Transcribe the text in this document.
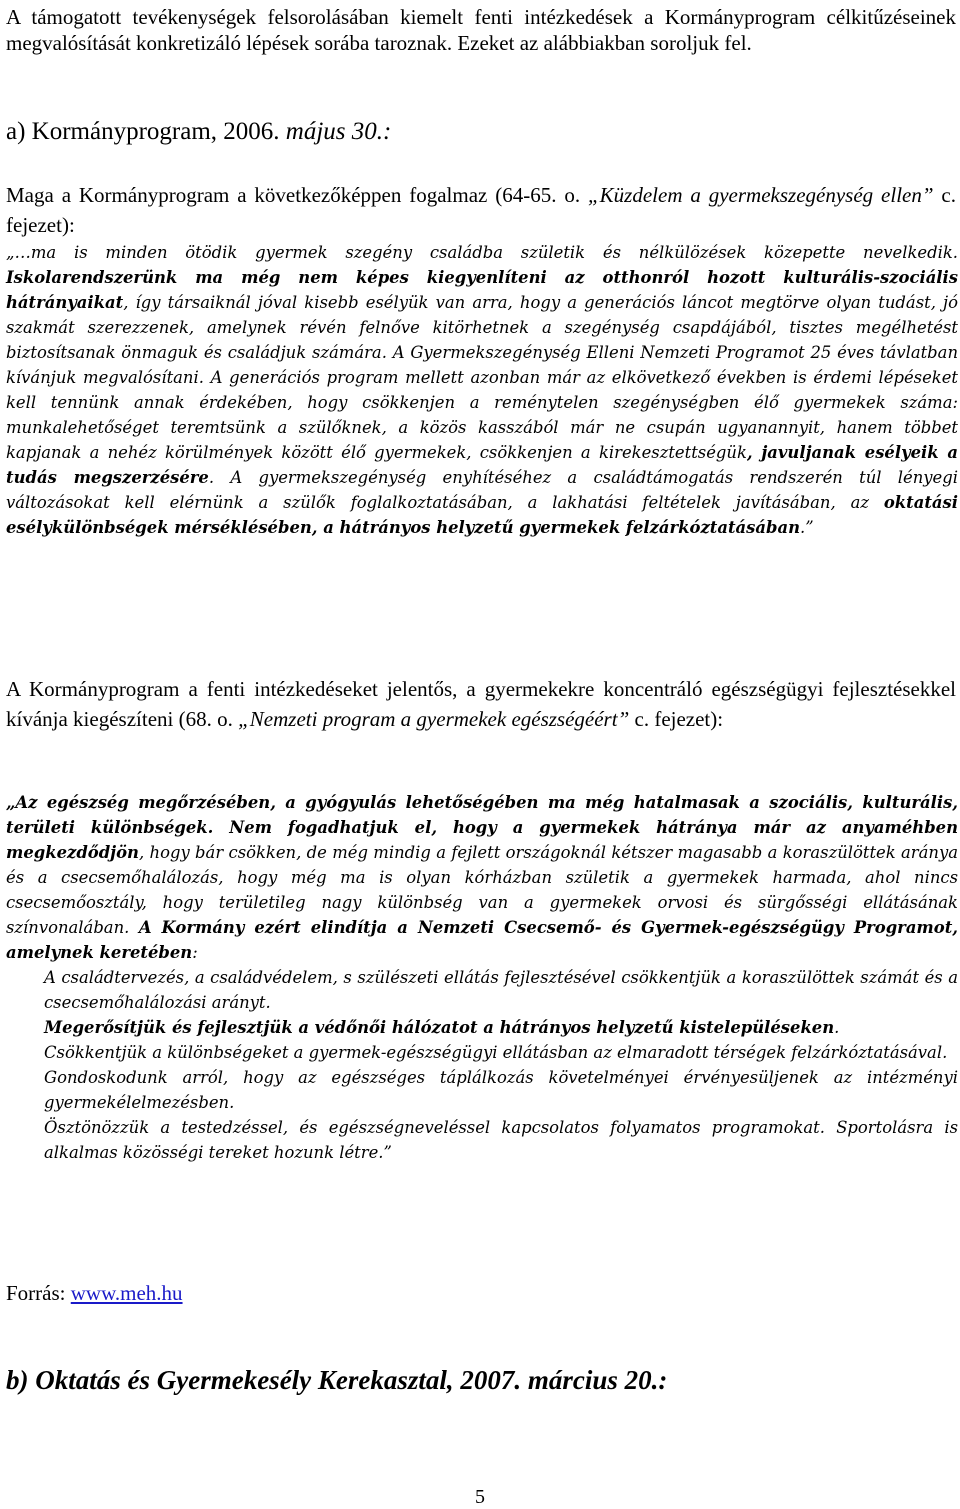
A támogatott tevékenységek felsorolásában kiemelt fenti intézkedések a Kormányprogram célkitűzéseinek megvalósítását konkretizáló lépések sorába taroznak. Ezeket az alábbiakban soroljuk fel.

a) Kormányprogram, 2006. május 30.:

Maga a Kormányprogram a következőképpen fogalmaz (64-65. o. „Küzdelem a gyermekszegénység ellen” c. fejezet):

„…ma is minden ötödik gyermek szegény családba születik és nélkülözések közepette nevelkedik. Iskolarendszerünk ma még nem képes kiegyenlíteni az otthonról hozott kulturális-szociális hátrányaikat, így társaiknál jóval kisebb esélyük van arra, hogy a generációs láncot megtörve olyan tudást, jó szakmát szerezzenek, amelynek révén felnőve kitörhetnek a szegénység csapdájából, tisztes megélhetést biztosítsanak önmaguk és családjuk számára. A Gyermekszegénység Elleni Nemzeti Programot 25 éves távlatban kívánjuk megvalósítani. A generációs program mellett azonban már az elkövetkező években is érdemi lépéseket kell tennünk annak érdekében, hogy csökkenjen a reménytelen szegénységben élő gyermekek száma: munkalehetőséget teremtsünk a szülőknek, a közös kasszából már ne csupán ugyanannyit, hanem többet kapjanak a nehéz körülmények között élő gyermekek, csökkenjen a kirekesztettségük, javuljanak esélyeik a tudás megszerzésére. A gyermekszegénység enyhítéséhez a családtámogatás rendszerén túl lényegi változásokat kell elérnünk a szülők foglalkoztatásában, a lakhatási feltételek javításában, az oktatási esélykülönbségek mérséklésében, a hátrányos helyzetű gyermekek felzárkóztatásában.”

A Kormányprogram a fenti intézkedéseket jelentős, a gyermekekre koncentráló egészségügyi fejlesztésekkel kívánja kiegészíteni (68. o. „Nemzeti program a gyermekek egészségéért” c. fejezet):

„Az egészség megőrzésében, a gyógyulás lehetőségében ma még hatalmasak a szociális, kulturális, területi különbségek. Nem fogadhatjuk el, hogy a gyermekek hátránya már az anyaméhben megkezdődjön, hogy bár csökken, de még mindig a fejlett országoknál kétszer magasabb a koraszülöttek aránya és a csecsemőhalálozás, hogy még ma is olyan kórházban születik a gyermekek harmada, ahol nincs csecsemőosztály, hogy területileg nagy különbség van a gyermekek orvosi és sürgősségi ellátásának színvonalában. A Kormány ezért elindítja a Nemzeti Csecsemő- és Gyermek-egészségügy Programot, amelynek keretében:

A családtervezés, a családvédelem, s szülészeti ellátás fejlesztésével csökkentjük a koraszülöttek számát és a csecsemőhalálozási arányt.

Megerősítjük és fejlesztjük a védőnői hálózatot a hátrányos helyzetű kistelepüléseken.

Csökkentjük a különbségeket a gyermek-egészségügyi ellátásban az elmaradott térségek felzárkóztatásával.

Gondoskodunk arról, hogy az egészséges táplálkozás követelményei érvényesüljenek az intézményi gyermekélelmezésben.

Ösztönözzük a testedzéssel, és egészségneveléssel kapcsolatos folyamatos programokat. Sportolásra is alkalmas közösségi tereket hozunk létre.”

Forrás: www.meh.hu
b) Oktatás és Gyermekesély Kerekasztal, 2007. március 20.:
5
